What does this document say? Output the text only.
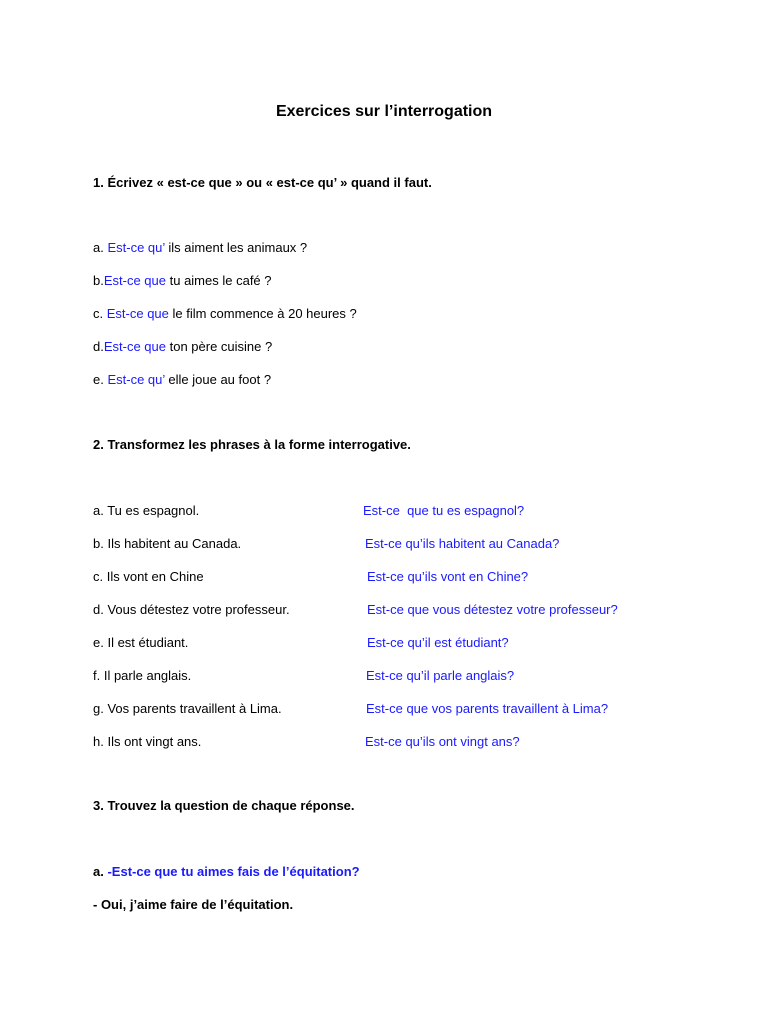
Exercices sur l’interrogation
1. Écrivez « est-ce que » ou « est-ce qu’ » quand il faut.
a. Est-ce qu’ ils aiment les animaux ?
b.Est-ce que tu aimes le café ?
c. Est-ce que le film commence à 20 heures ?
d.Est-ce que ton père cuisine ?
e. Est-ce qu’ elle joue au foot ?
2. Transformez les phrases à la forme interrogative.
a. Tu es espagnol.	Est-ce  que tu es espagnol?
b. Ils habitent au Canada.	Est-ce qu’ils habitent au Canada?
c. Ils vont en Chine	Est-ce qu’ils vont en Chine?
d. Vous détestez votre professeur.	Est-ce que vous détestez votre professeur?
e. Il est étudiant.	Est-ce qu’il est étudiant?
f. Il parle anglais.	Est-ce qu’il parle anglais?
g. Vos parents travaillent à Lima.	Est-ce que vos parents travaillent à Lima?
h. Ils ont vingt ans.	Est-ce qu’ils ont vingt ans?
3. Trouvez la question de chaque réponse.
a. -Est-ce que tu aimes fais de l’équitation?
- Oui, j’aime faire de l’équitation.
